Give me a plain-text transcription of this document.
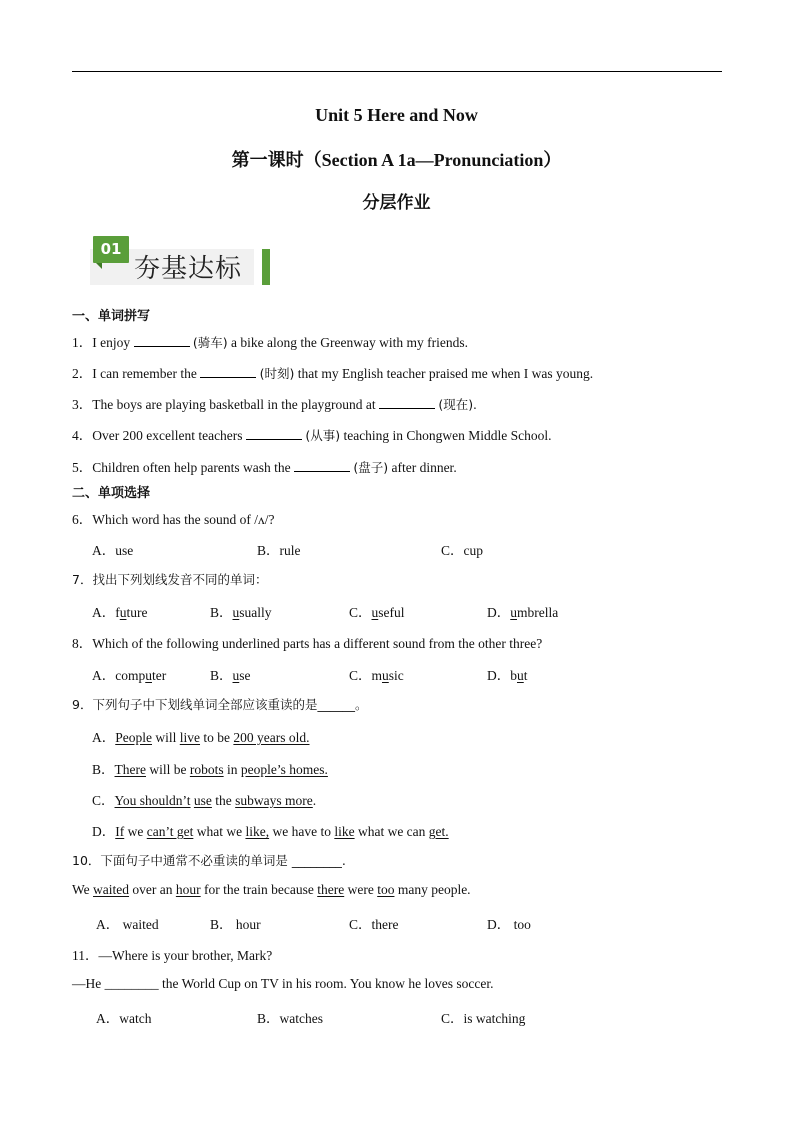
Unit 5 Here and Now
第一课时（Section A 1a—Pronunciation）
分层作业
01
夯基达标
一、单词拼写
1．I enjoy	(骑车) a bike along the Greenway with my friends.
2．I can remember the	(时刻) that my English teacher praised me when I was young.
3．The boys are playing basketball in the playground at	(现在).
4．Over 200 excellent teachers	(从事) teaching in Chongwen Middle School.
5．Children often help parents wash the	(盘子) after dinner.
二、单项选择
6．Which word has the sound of /ʌ/?
A．use	B．rule	C．cup
7．找出下列划线发音不同的单词：
A．future	B．usually	C．useful	D．umbrella
8．Which of the following underlined parts has a different sound from the other three?
A．computer	B．use	C．music	D．but
9．下列句子中下划线单词全部应该重读的是______。
A．People will live to be 200 years old.
B．There will be robots in people’s homes.
C．You shouldn’t use the subways more.
D．If we can’t get what we like, we have to like what we can get.
10．下面句子中通常不必重读的单词是 ________.
We waited over an hour for the train because there were too many people.
A． waited	B． hour	C．there	D． too
11．—Where is your brother, Mark?
—He ________ the World Cup on TV in his room. You know he loves soccer.
A．watch	B．watches	C．is watching
